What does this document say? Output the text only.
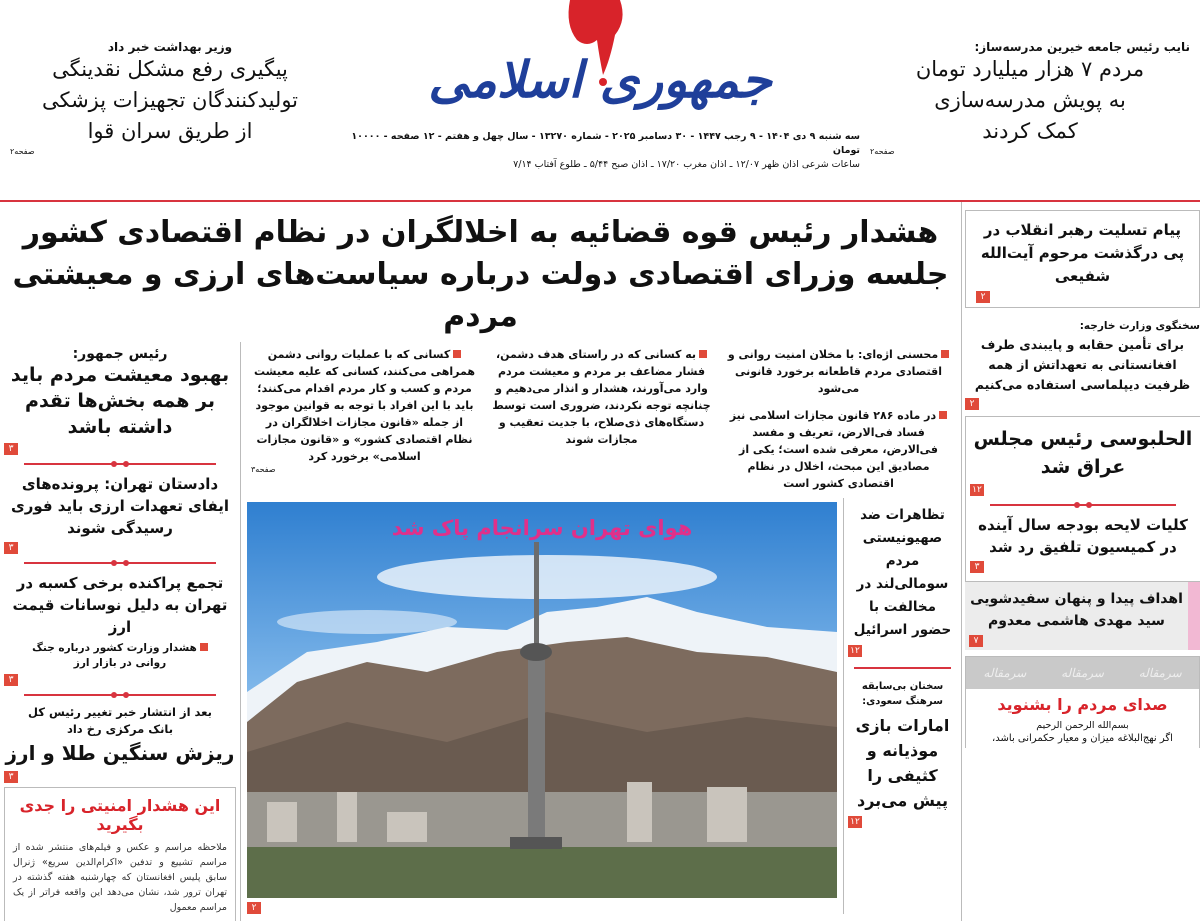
وزیر بهداشت خبر داد
پیگیری رفع مشکل نقدینگی
تولیدکنندگان تجهیزات پزشکی
از طریق سران قوا
صفحه۲
جمهوری اسلامی
سه شنبه ۹ دی ۱۴۰۴ - ۹ رجب ۱۴۴۷ - ۳۰ دسامبر ۲۰۲۵ - شماره ۱۳۲۷۰ - سال چهل و هفتم - ۱۲ صفحه - ۱۰۰۰۰ تومان
ساعات شرعی اذان ظهر ۱۲/۰۷ ـ اذان مغرب ۱۷/۲۰ ـ اذان صبح ۵/۴۴ ـ طلوع آفتاب ۷/۱۴
نایب رئیس جامعه خیرین مدرسه‌ساز:
مردم ۷ هزار میلیارد تومان
به پویش مدرسه‌سازی
کمک کردند
صفحه۲
هشدار رئیس قوه قضائیه به اخلالگران در نظام اقتصادی کشور
جلسه وزرای اقتصادی دولت درباره سیاست‌های ارزی و معیشتی مردم
رئیس جمهور:
بهبود معیشت مردم باید بر همه بخش‌ها تقدم داشته باشد
۳
دادستان تهران: پرونده‌های ایفای تعهدات ارزی باید فوری رسیدگی شوند
۳
تجمع پراکنده برخی کسبه در تهران به دلیل نوسانات قیمت ارز
هشدار وزارت کشور درباره جنگ روانی در بازار ارز
۳
بعد از انتشار خبر تغییر رئیس کل بانک مرکزی رخ داد
ریزش سنگین طلا و ارز
۳
این هشدار امنیتی را جدی بگیرید
ملاحظه مراسم و عکس و فیلم‌های منتشر شده از مراسم تشییع و تدفین «اکرام‌الدین سریع» ژنرال سابق پلیس افغانستان که چهارشنبه هفته گذشته در تهران ترور شد، نشان می‌دهد این واقعه فراتر از یک مراسم معمول
محسنی اژه‌ای: با مخلان امنیت روانی و اقتصادی مردم قاطعانه برخورد قانونی می‌شود
در ماده ۲۸۶ قانون مجازات اسلامی نیز فساد فی‌الارض، تعریف و مفسد فی‌الارض، معرفی شده است؛ یکی از مصادیق این مبحث، اخلال در نظام اقتصادی کشور است
به کسانی که در راستای هدف دشمن، فشار مضاعف بر مردم و معیشت مردم وارد می‌آورند، هشدار و انذار می‌دهیم و چنانچه توجه نکردند، ضروری است توسط دستگاه‌های ذی‌صلاح، با جدیت تعقیب و مجازات شوند
کسانی که با عملیات روانی دشمن همراهی می‌کنند، کسانی که علیه معیشت مردم و کسب و کار مردم اقدام می‌کنند؛ باید با این افراد با توجه به قوانین موجود از جمله «قانون مجازات اخلالگران در نظام اقتصادی کشور» و «قانون مجازات اسلامی» برخورد کرد
صفحه۳
هوای تهران سرانجام پاک شد
۲
تظاهرات ضد صهیونیستی مردم سومالی‌لند در مخالفت با حضور اسرائیل
۱۲
سخنان بی‌سابقه سرهنگ سعودی:
امارات بازی موذیانه و کثیفی را پیش می‌برد
۱۲
پیام تسلیت رهبر انقلاب در پی درگذشت مرحوم آیت‌الله شفیعی
۲
سخنگوی وزارت خارجه:
برای تأمین حقابه و پایبندی طرف افغانستانی به تعهداتش از همه ظرفیت دیپلماسی استفاده می‌کنیم
۲
الحلبوسی رئیس مجلس عراق شد
۱۲
کلیات لایحه بودجه سال آینده در کمیسیون تلفیق رد شد
۳
اهداف پیدا و پنهان سفیدشویی سید مهدی هاشمی معدوم
۷
سرمقاله
سرمقاله
سرمقاله
صدای مردم را بشنوید
بسم‌الله الرحمن الرحیم
اگر نهج‌البلاغه میزان و معیار حکمرانی باشد،
